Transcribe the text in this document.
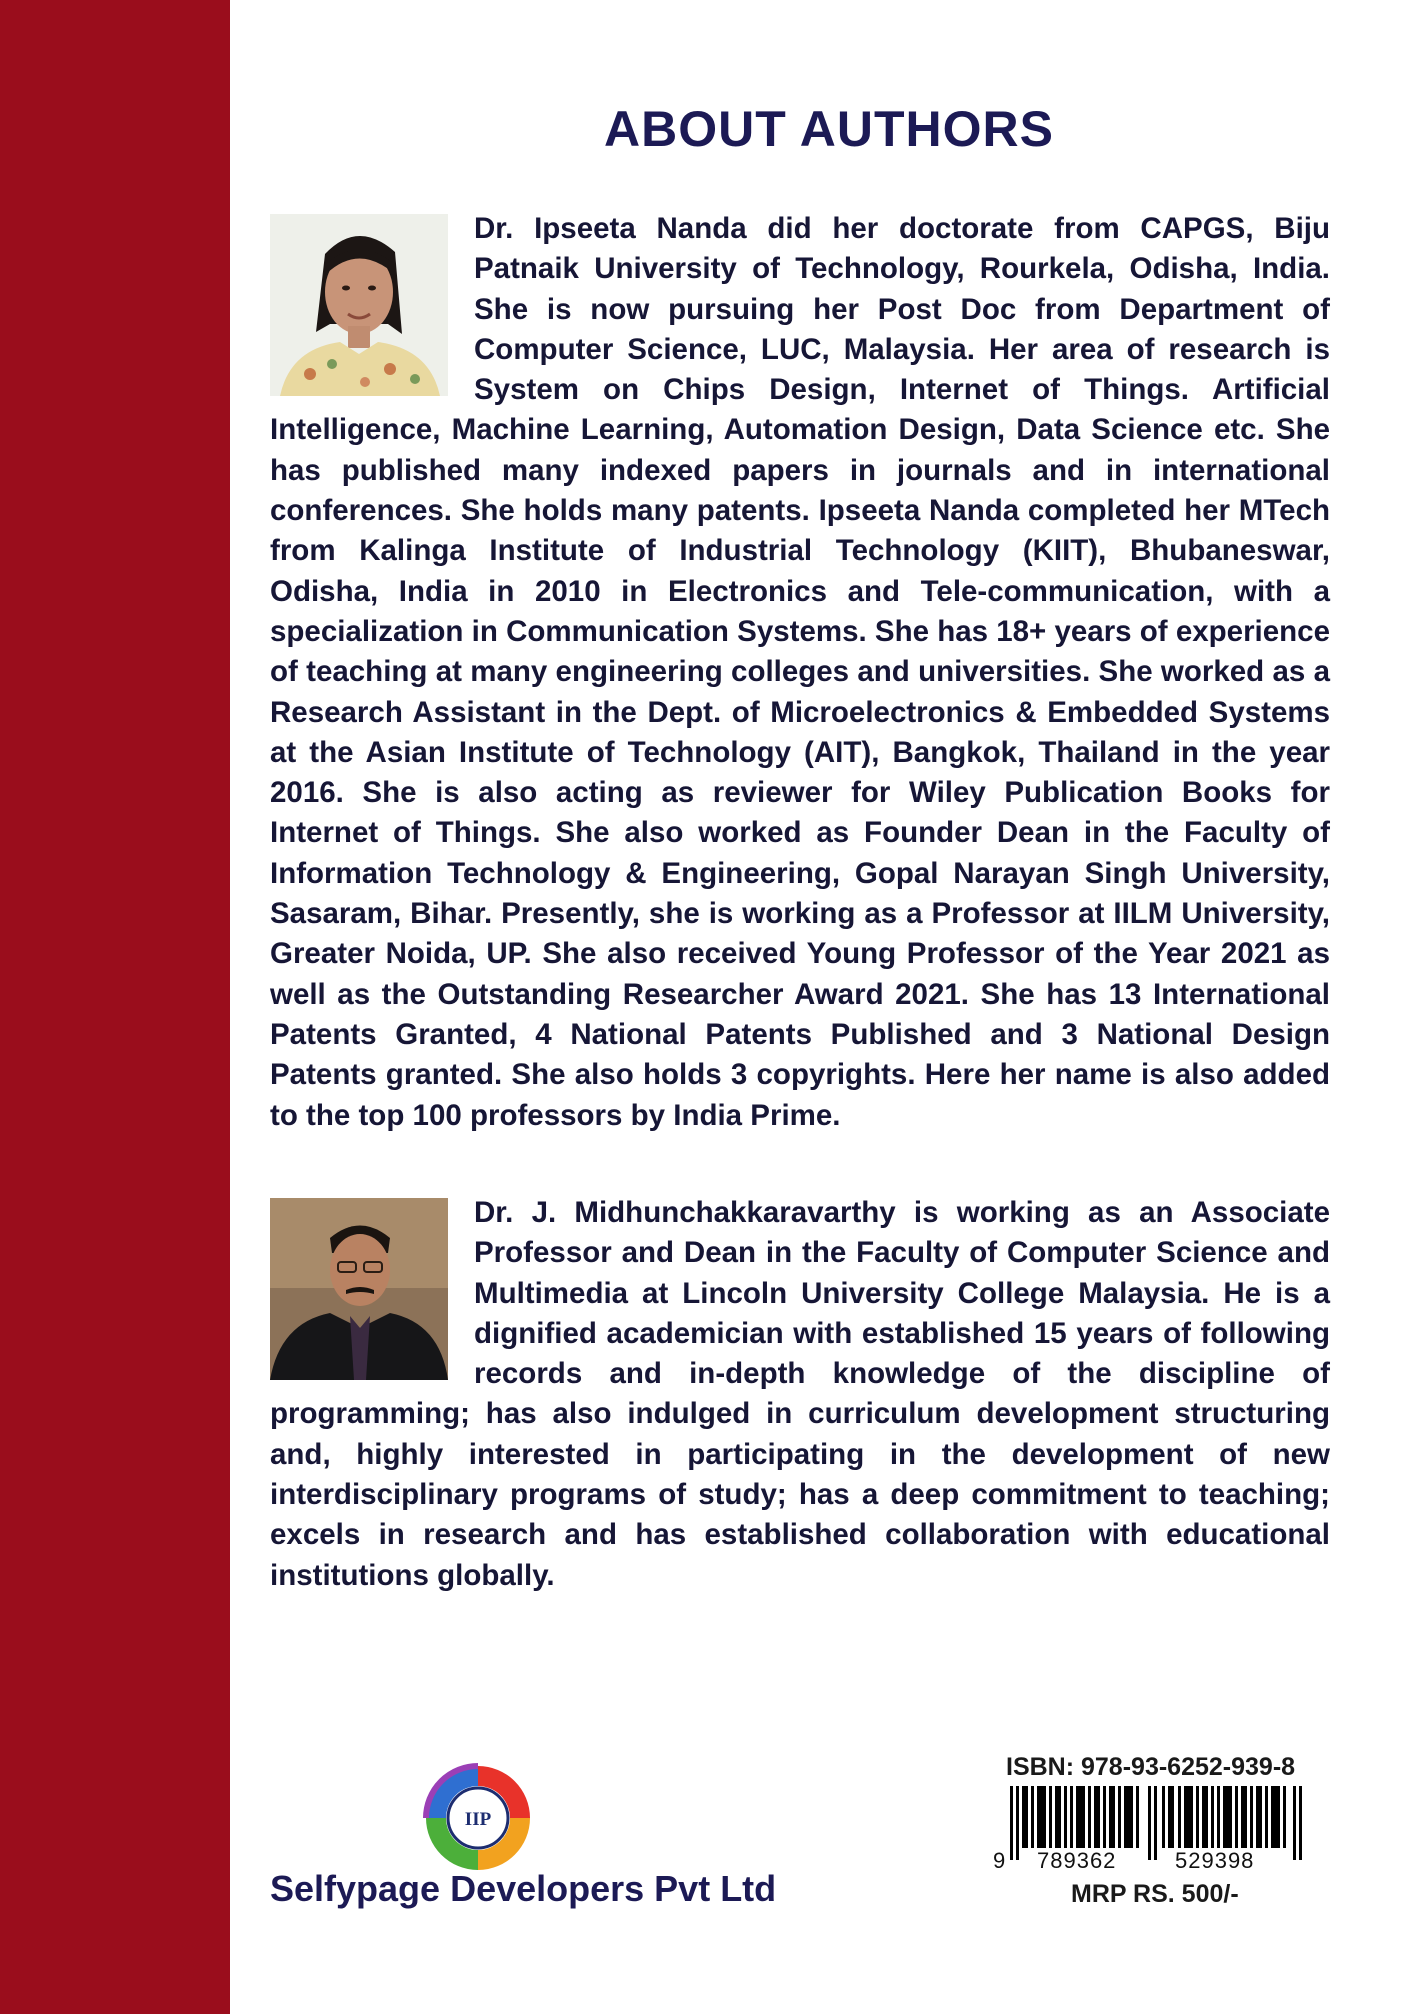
ABOUT AUTHORS
Dr. Ipseeta Nanda did her doctorate from CAPGS, Biju Patnaik University of Technology, Rourkela, Odisha, India. She is now pursuing her Post Doc from Department of Computer Science, LUC, Malaysia. Her area of research is System on Chips Design, Internet of Things. Artificial Intelligence, Machine Learning, Automation Design, Data Science etc. She has published many indexed papers in journals and in international conferences. She holds many patents. Ipseeta Nanda completed her MTech from Kalinga Institute of Industrial Technology (KIIT), Bhubaneswar, Odisha, India in 2010 in Electronics and Tele-communication, with a specialization in Communication Systems. She has 18+ years of experience of teaching at many engineering colleges and universities. She worked as a Research Assistant in the Dept. of Microelectronics & Embedded Systems at the Asian Institute of Technology (AIT), Bangkok, Thailand in the year 2016. She is also acting as reviewer for Wiley Publication Books for Internet of Things. She also worked as Founder Dean in the Faculty of Information Technology & Engineering, Gopal Narayan Singh University, Sasaram, Bihar. Presently, she is working as a Professor at IILM University, Greater Noida, UP. She also received Young Professor of the Year 2021 as well as the Outstanding Researcher Award 2021. She has 13 International Patents Granted, 4 National Patents Published and 3 National Design Patents granted. She also holds 3 copyrights. Here her name is also added to the top 100 professors by India Prime.
Dr. J. Midhunchakkaravarthy is working as an Associate Professor and Dean in the Faculty of Computer Science and Multimedia at Lincoln University College Malaysia. He is a dignified academician with established 15 years of following records and in-depth knowledge of the discipline of programming; has also indulged in curriculum development structuring and, highly interested in participating in the development of new interdisciplinary programs of study; has a deep commitment to teaching; excels in research and has established collaboration with educational institutions globally.
IIP

Selfypage Developers Pvt Ltd

ISBN: 978-93-6252-939-8
9 789362	529398
MRP RS. 500/-
